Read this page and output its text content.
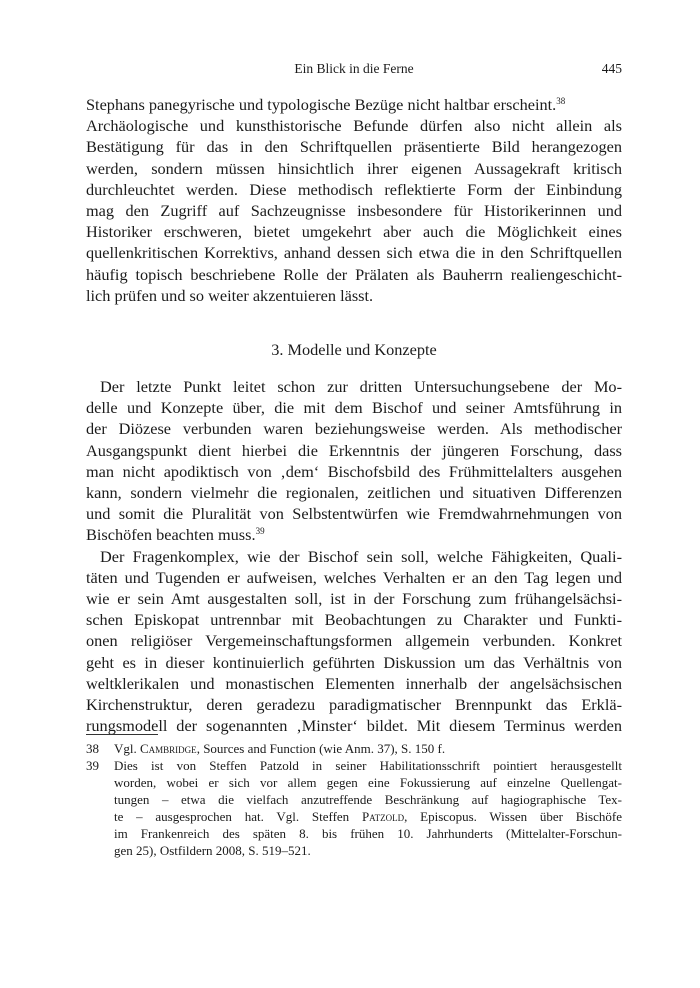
Ein Blick in die Ferne	445
Stephans panegyrische und typologische Bezüge nicht haltbar erscheint.$^{38}$
Archäologische und kunsthistorische Befunde dürfen also nicht allein als
Bestätigung für das in den Schriftquellen präsentierte Bild herangezogen
werden, sondern müssen hinsichtlich ihrer eigenen Aussagekraft kritisch
durchleuchtet werden. Diese methodisch reflektierte Form der Einbindung
mag den Zugriff auf Sachzeugnisse insbesondere für Historikerinnen und
Historiker erschweren, bietet umgekehrt aber auch die Möglichkeit eines
quellenkritischen Korrektivs, anhand dessen sich etwa die in den Schriftquellen
häufig topisch beschriebene Rolle der Prälaten als Bauherrn realiengeschicht-
lich prüfen und so weiter akzentuieren lässt.
3. Modelle und Konzepte
Der letzte Punkt leitet schon zur dritten Untersuchungsebene der Mo-
delle und Konzepte über, die mit dem Bischof und seiner Amtsführung in
der Diözese verbunden waren beziehungsweise werden. Als methodischer
Ausgangspunkt dient hierbei die Erkenntnis der jüngeren Forschung, dass
man nicht apodiktisch von ‚dem‘ Bischofsbild des Frühmittelalters ausgehen
kann, sondern vielmehr die regionalen, zeitlichen und situativen Differenzen
und somit die Pluralität von Selbstentwürfen wie Fremdwahrnehmungen von
Bischöfen beachten muss.$^{39}$
Der Fragenkomplex, wie der Bischof sein soll, welche Fähigkeiten, Quali-
täten und Tugenden er aufweisen, welches Verhalten er an den Tag legen und
wie er sein Amt ausgestalten soll, ist in der Forschung zum frühangelsächsi-
schen Episkopat untrennbar mit Beobachtungen zu Charakter und Funkti-
onen religiöser Vergemeinschaftungsformen allgemein verbunden. Konkret
geht es in dieser kontinuierlich geführten Diskussion um das Verhältnis von
weltklerikalen und monastischen Elementen innerhalb der angelsächsischen
Kirchenstruktur, deren geradezu paradigmatischer Brennpunkt das Erklä-
rungsmodell der sogenannten ‚Minster‘ bildet. Mit diesem Terminus werden
38 Vgl. Cambridge, Sources and Function (wie Anm. 37), S. 150 f.
39 Dies ist von Steffen Patzold in seiner Habilitationsschrift pointiert herausgestellt
worden, wobei er sich vor allem gegen eine Fokussierung auf einzelne Quellengat-
tungen – etwa die vielfach anzutreffende Beschränkung auf hagiographische Tex-
te – ausgesprochen hat. Vgl. Steffen Patzold, Episcopus. Wissen über Bischöfe
im Frankenreich des späten 8. bis frühen 10. Jahrhunderts (Mittelalter-Forschun-
gen 25), Ostfildern 2008, S. 519–521.
